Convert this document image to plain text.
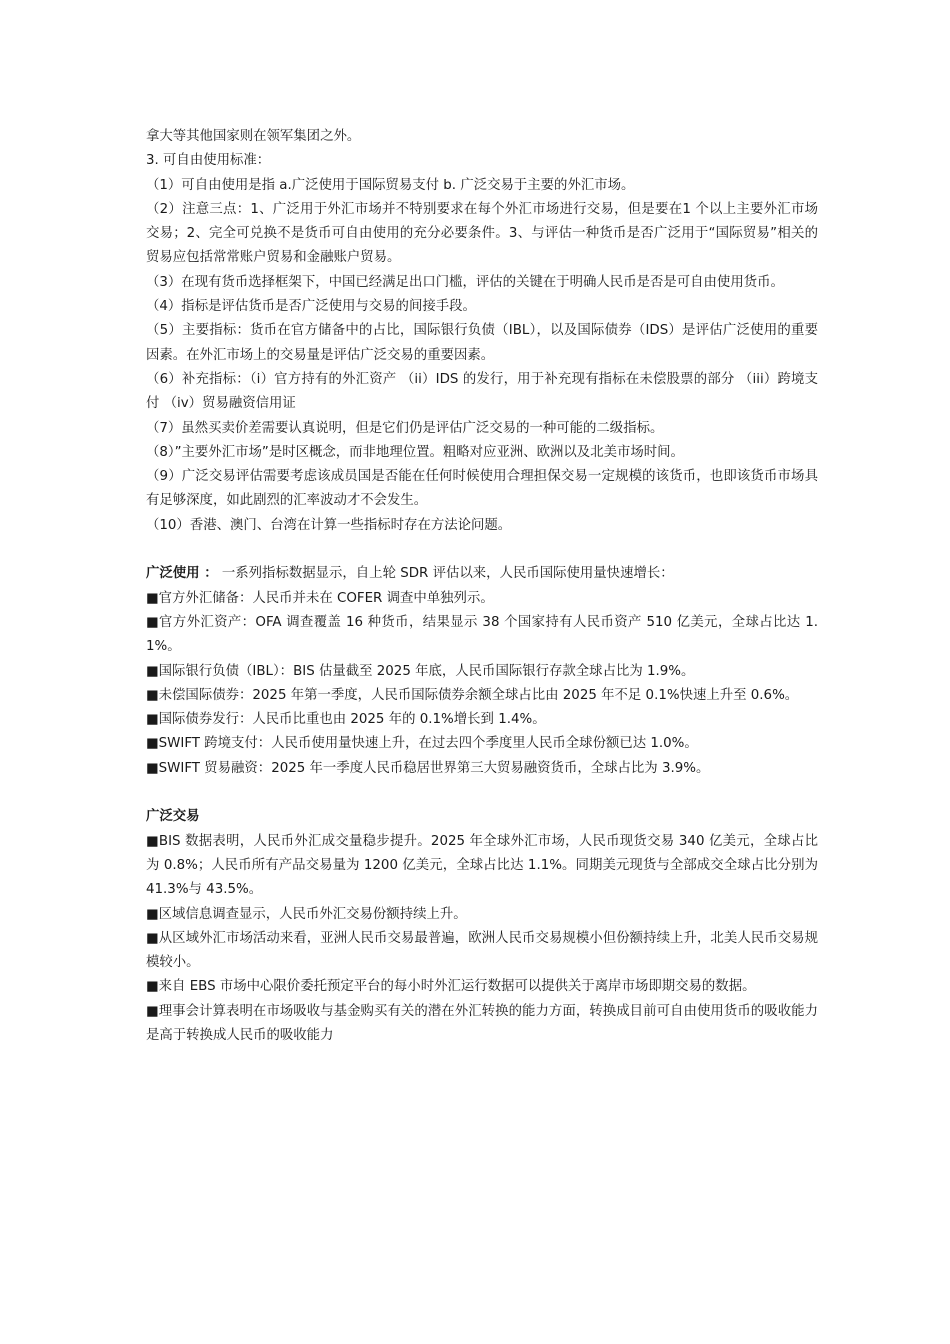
拿大等其他国家则在领军集团之外。

3. 可自由使用标准：

（1）可自由使用是指 a.广泛使用于国际贸易支付 b. 广泛交易于主要的外汇市场。

（2）注意三点：1、广泛用于外汇市场并不特别要求在每个外汇市场进行交易，但是要在1 个以上主要外汇市场交易；2、完全可兑换不是货币可自由使用的充分必要条件。3、与评估一种货币是否广泛用于“国际贸易”相关的贸易应包括常常账户贸易和金融账户贸易。

（3）在现有货币选择框架下，中国已经满足出口门槛，评估的关键在于明确人民币是否是可自由使用货币。

（4）指标是评估货币是否广泛使用与交易的间接手段。

（5）主要指标：货币在官方储备中的占比，国际银行负债（IBL），以及国际债券（IDS）是评估广泛使用的重要因素。在外汇市场上的交易量是评估广泛交易的重要因素。

（6）补充指标：（i）官方持有的外汇资产 （ii）IDS 的发行，用于补充现有指标在未偿股票的部分 （iii）跨境支付 （iv）贸易融资信用证

（7）虽然买卖价差需要认真说明，但是它们仍是评估广泛交易的一种可能的二级指标。

（8）”主要外汇市场”是时区概念，而非地理位置。粗略对应亚洲、欧洲以及北美市场时间。

（9）广泛交易评估需要考虑该成员国是否能在任何时候使用合理担保交易一定规模的该货币，也即该货币市场具有足够深度，如此剧烈的汇率波动才不会发生。

（10）香港、澳门、台湾在计算一些指标时存在方法论问题。

广泛使用 ： 一系列指标数据显示，自上轮 SDR 评估以来，人民币国际使用量快速增长：

■官方外汇储备：人民币并未在 COFER 调查中单独列示。

■官方外汇资产：OFA 调查覆盖 16 种货币，结果显示 38 个国家持有人民币资产 510 亿美元，全球占比达 1.1%。

■国际银行负债（IBL）：BIS 估量截至 2025 年底，人民币国际银行存款全球占比为 1.9%。

■未偿国际债券：2025 年第一季度，人民币国际债券余额全球占比由 2025 年不足 0.1%快速上升至 0.6%。

■国际债券发行：人民币比重也由 2025 年的 0.1%增长到 1.4%。

■SWIFT 跨境支付：人民币使用量快速上升，在过去四个季度里人民币全球份额已达 1.0%。

■SWIFT 贸易融资：2025 年一季度人民币稳居世界第三大贸易融资货币，全球占比为 3.9%。

广泛交易

■BIS 数据表明，人民币外汇成交量稳步提升。2025 年全球外汇市场，人民币现货交易 340 亿美元，全球占比为 0.8%；人民币所有产品交易量为 1200 亿美元，全球占比达 1.1%。同期美元现货与全部成交全球占比分别为 41.3%与 43.5%。

■区域信息调查显示，人民币外汇交易份额持续上升。

■从区域外汇市场活动来看，亚洲人民币交易最普遍，欧洲人民币交易规模小但份额持续上升，北美人民币交易规模较小。

■来自 EBS 市场中心限价委托预定平台的每小时外汇运行数据可以提供关于离岸市场即期交易的数据。

■理事会计算表明在市场吸收与基金购买有关的潜在外汇转换的能力方面，转换成目前可自由使用货币的吸收能力是高于转换成人民币的吸收能力
